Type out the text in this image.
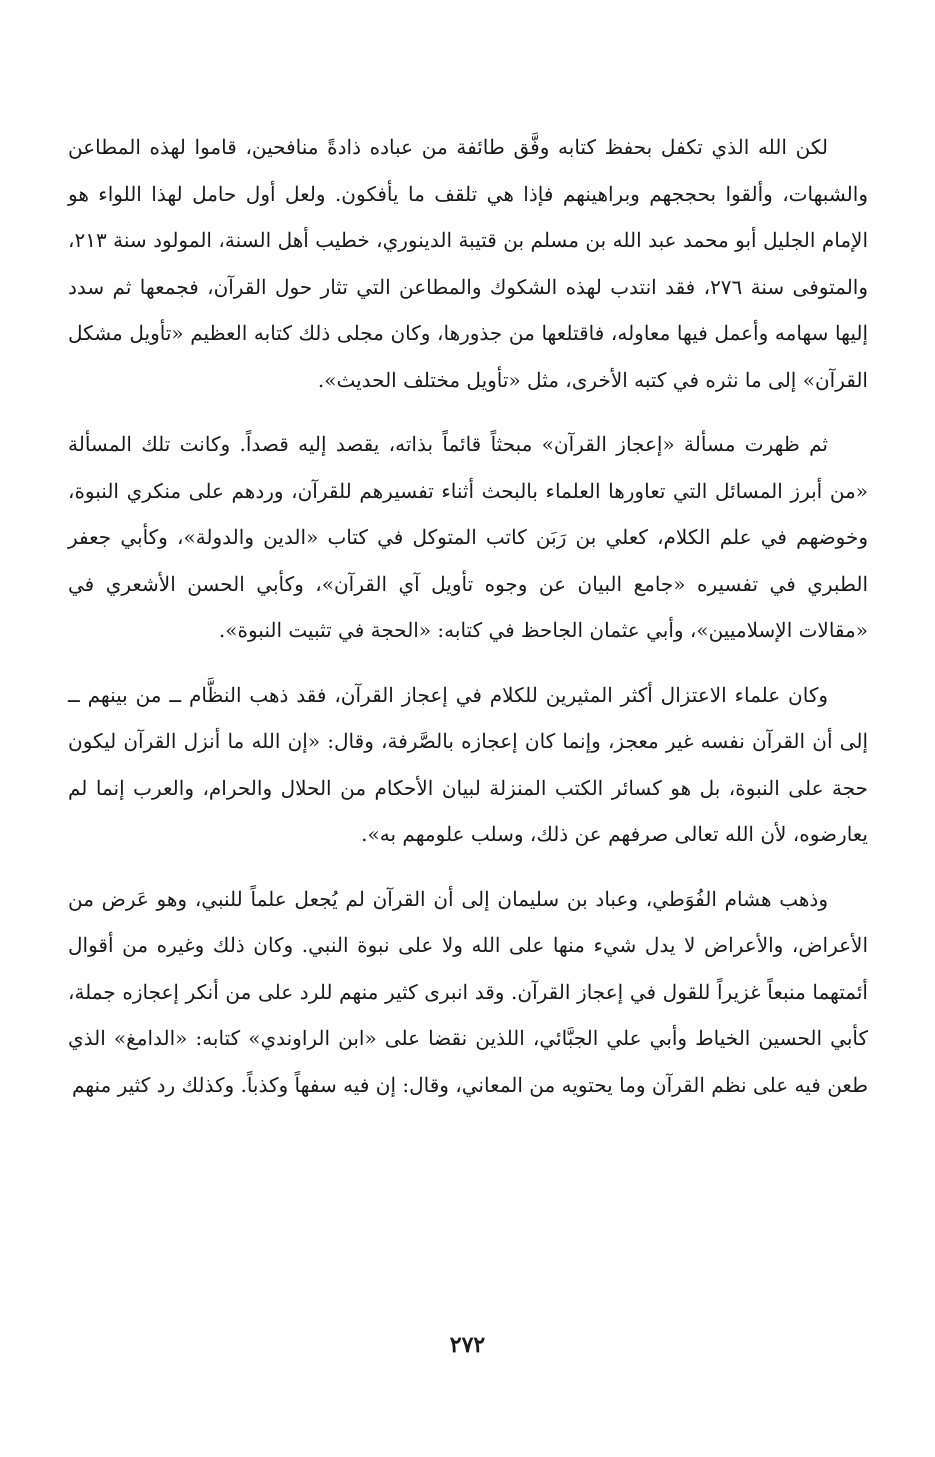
لكن الله الذي تكفل بحفظ كتابه وفَّق طائفة من عباده ذادةً منافحين، قاموا لهذه المطاعن والشبهات، وألقوا بحججهم وبراهينهم فإذا هي تلقف ما يأفكون. ولعل أول حامل لهذا اللواء هو الإمام الجليل أبو محمد عبد الله بن مسلم بن قتيبة الدينوري، خطيب أهل السنة، المولود سنة ٢١٣، والمتوفى سنة ٢٧٦، فقد انتدب لهذه الشكوك والمطاعن التي تثار حول القرآن، فجمعها ثم سدد إليها سهامه وأعمل فيها معاوله، فاقتلعها من جذورها، وكان مجلى ذلك كتابه العظيم «تأويل مشكل القرآن» إلى ما نثره في كتبه الأخرى، مثل «تأويل مختلف الحديث».

ثم ظهرت مسألة «إعجاز القرآن» مبحثاً قائماً بذاته، يقصد إليه قصداً. وكانت تلك المسألة «من أبرز المسائل التي تعاورها العلماء بالبحث أثناء تفسيرهم للقرآن، وردهم على منكري النبوة، وخوضهم في علم الكلام، كعلي بن رَبَن كاتب المتوكل في كتاب «الدين والدولة»، وكأبي جعفر الطبري في تفسيره «جامع البيان عن وجوه تأويل آي القرآن»، وكأبي الحسن الأشعري في «مقالات الإسلاميين»، وأبي عثمان الجاحظ في كتابه: «الحجة في تثبيت النبوة».

وكان علماء الاعتزال أكثر المثيرين للكلام في إعجاز القرآن، فقد ذهب النظَّام ــ من بينهم ــ إلى أن القرآن نفسه غير معجز، وإنما كان إعجازه بالصَّرفة، وقال: «إن الله ما أنزل القرآن ليكون حجة على النبوة، بل هو كسائر الكتب المنزلة لبيان الأحكام من الحلال والحرام، والعرب إنما لم يعارضوه، لأن الله تعالى صرفهم عن ذلك، وسلب علومهم به».

وذهب هشام الفُوَطي، وعباد بن سليمان إلى أن القرآن لم يُجعل علماً للنبي، وهو عَرض من الأعراض، والأعراض لا يدل شيء منها على الله ولا على نبوة النبي. وكان ذلك وغيره من أقوال أئمتهما منبعاً غزيراً للقول في إعجاز القرآن. وقد انبرى كثير منهم للرد على من أنكر إعجازه جملة، كأبي الحسين الخياط وأبي علي الجبَّائي، اللذين نقضا على «ابن الراوندي» كتابه: «الدامغ» الذي طعن فيه على نظم القرآن وما يحتويه من المعاني، وقال: إن فيه سفهاً وكذباً. وكذلك رد كثير منهم

٢٧٢
